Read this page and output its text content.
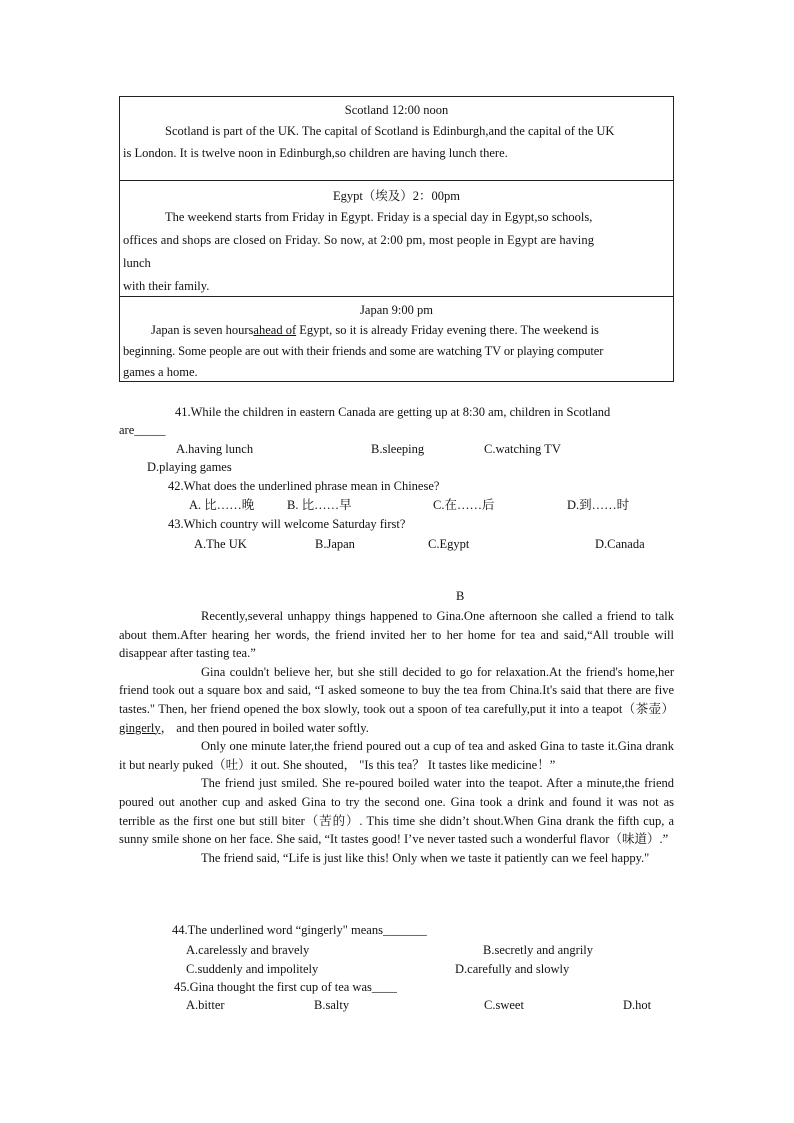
Scotland 12:00 noon
Scotland is part of the UK. The capital of Scotland is Edinburgh,and the capital of the UK
is London. It is twelve noon in Edinburgh,so children are having lunch there.
Egypt（埃及）2：00pm
The weekend starts from Friday in Egypt. Friday is a special day in Egypt,so schools,
offices and shops are closed on Friday. So now, at 2:00 pm, most people in Egypt are having
lunch
with their family.
Japan 9:00 pm
Japan is seven hoursahead of Egypt, so it is already Friday evening there. The weekend is
beginning. Some people are out with their friends and some are watching TV or playing computer
games a home.
41.While the children in eastern Canada are getting up at 8:30 am, children in Scotland
are_____
A.having lunch	B.sleeping	C.watching TV
D.playing games
42.What does the underlined phrase mean in Chinese?
A. 比……晚	B. 比……早	C.在……后	D.到……时
43.Which country will welcome Saturday first?
A.The UK	B.Japan	C.Egypt	D.Canada
B

Recently,several unhappy things happened to Gina.One afternoon she called a friend to talk about them.After hearing her words, the friend invited her to her home for tea and said,“All trouble will disappear after tasting tea.”

Gina couldn't believe her, but she still decided to go for relaxation.At the friend's home,her friend took out a square box and said, “I asked someone to buy the tea from China.It's said that there are five tastes." Then, her friend opened the box slowly, took out a spoon of tea carefully,put it into a teapot（茶壶）gingerly， and then poured in boiled water softly.

Only one minute later,the friend poured out a cup of tea and asked Gina to taste it.Gina drank it but nearly puked（吐）it out. She shouted， "Is this tea？ It tastes like medicine！”

The friend just smiled. She re-poured boiled water into the teapot. After a minute,the friend poured out another cup and asked Gina to try the second one. Gina took a drink and found it was not as terrible as the first one but still biter（苦的）. This time she didn’t shout.When Gina drank the fifth cup, a sunny smile shone on her face. She said, “It tastes good! I’ve never tasted such a wonderful flavor（味道）.”

The friend said, “Life is just like this! Only when we taste it patiently can we feel happy."

44.The underlined word “gingerly" means_______
A.carelessly and bravely	B.secretly and angrily
C.suddenly and impolitely	D.carefully and slowly
45.Gina thought the first cup of tea was____
A.bitter	B.salty	C.sweet	D.hot
